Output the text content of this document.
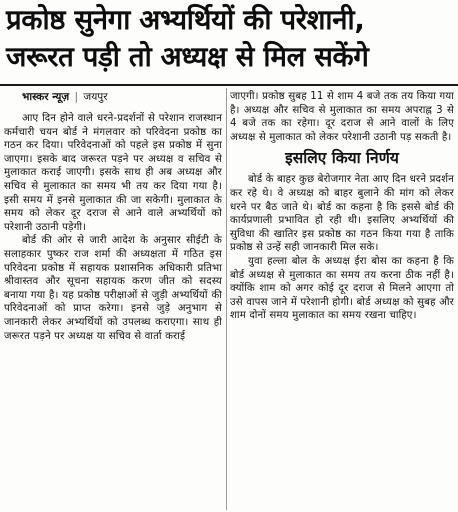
प्रकोष्ठ सुनेगा अभ्यर्थियों की परेशानी,
जरूरत पड़ी तो अध्यक्ष से मिल सकेंगे
भास्कर न्यूज़ | जयपुर

आए दिन होने वाले धरने-प्रदर्शनों से परेशान राजस्थान कर्मचारी चयन बोर्ड ने मंगलवार को परिवेदना प्रकोष्ठ का गठन कर दिया। परिवेदनाओं को पहले इस प्रकोष्ठ में सुना जाएगा। इसके बाद जरूरत पड़ने पर अध्यक्ष व सचिव से मुलाकात कराई जाएगी। इसके साथ ही अब अध्यक्ष और सचिव से मुलाकात का समय भी तय कर दिया गया है। इसी समय में इनसे मुलाकात की जा सकेगी। मुलाकात के समय को लेकर दूर दराज से आने वाले अभ्यर्थियों को परेशानी उठानी पड़ेगी।

बोर्ड की ओर से जारी आदेश के अनुसार सीईटी के सलाहकार पुष्कर राज शर्मा की अध्यक्षता में गठित इस परिवेदना प्रकोष्ठ में सहायक प्रशासनिक अधिकारी प्रतिभा श्रीवास्तव और सूचना सहायक करण जीत को सदस्य बनाया गया है। यह प्रकोष्ठ परीक्षाओं से जुड़ी अभ्यर्थियों की परिवेदनाओं को प्राप्त करेगा। इनसे जुड़े अनुभाग से जानकारी लेकर अभ्यर्थियों को उपलब्ध कराएगा। साथ ही जरूरत पड़ने पर अध्यक्ष या सचिव से वार्ता कराई

जाएगी। प्रकोष्ठ सुबह 11 से शाम 4 बजे तक तय किया गया है। अध्यक्ष और सचिव से मुलाकात का समय अपराह्न 3 से 4 बजे तक का रहेगा। दूर दराज से आने वालों के लिए अध्यक्ष से मुलाकात को लेकर परेशानी उठानी पड़ सकती है।

इसलिए किया निर्णय

बोर्ड के बाहर कुछ बेरोजगार नेता आए दिन धरने प्रदर्शन कर रहे थे। वे अध्यक्ष को बाहर बुलाने की मांग को लेकर धरने पर बैठ जाते थे। बोर्ड का कहना है कि इससे बोर्ड की कार्यप्रणाली प्रभावित हो रही थी। इसलिए अभ्यर्थियों की सुविधा की खातिर इस प्रकोष्ठ का गठन किया गया है ताकि प्रकोष्ठ से उन्हें सही जानकारी मिल सके।

युवा हल्ला बोल के अध्यक्ष ईरा बोस का कहना है कि बोर्ड अध्यक्ष से मुलाकात का समय तय करना ठीक नहीं है। क्योंकि शाम को अगर कोई दूर दराज से मिलने आएगा तो उसे वापस जाने में परेशानी होगी। बोर्ड अध्यक्ष को सुबह और शाम दोनों समय मुलाकात का समय रखना चाहिए।
